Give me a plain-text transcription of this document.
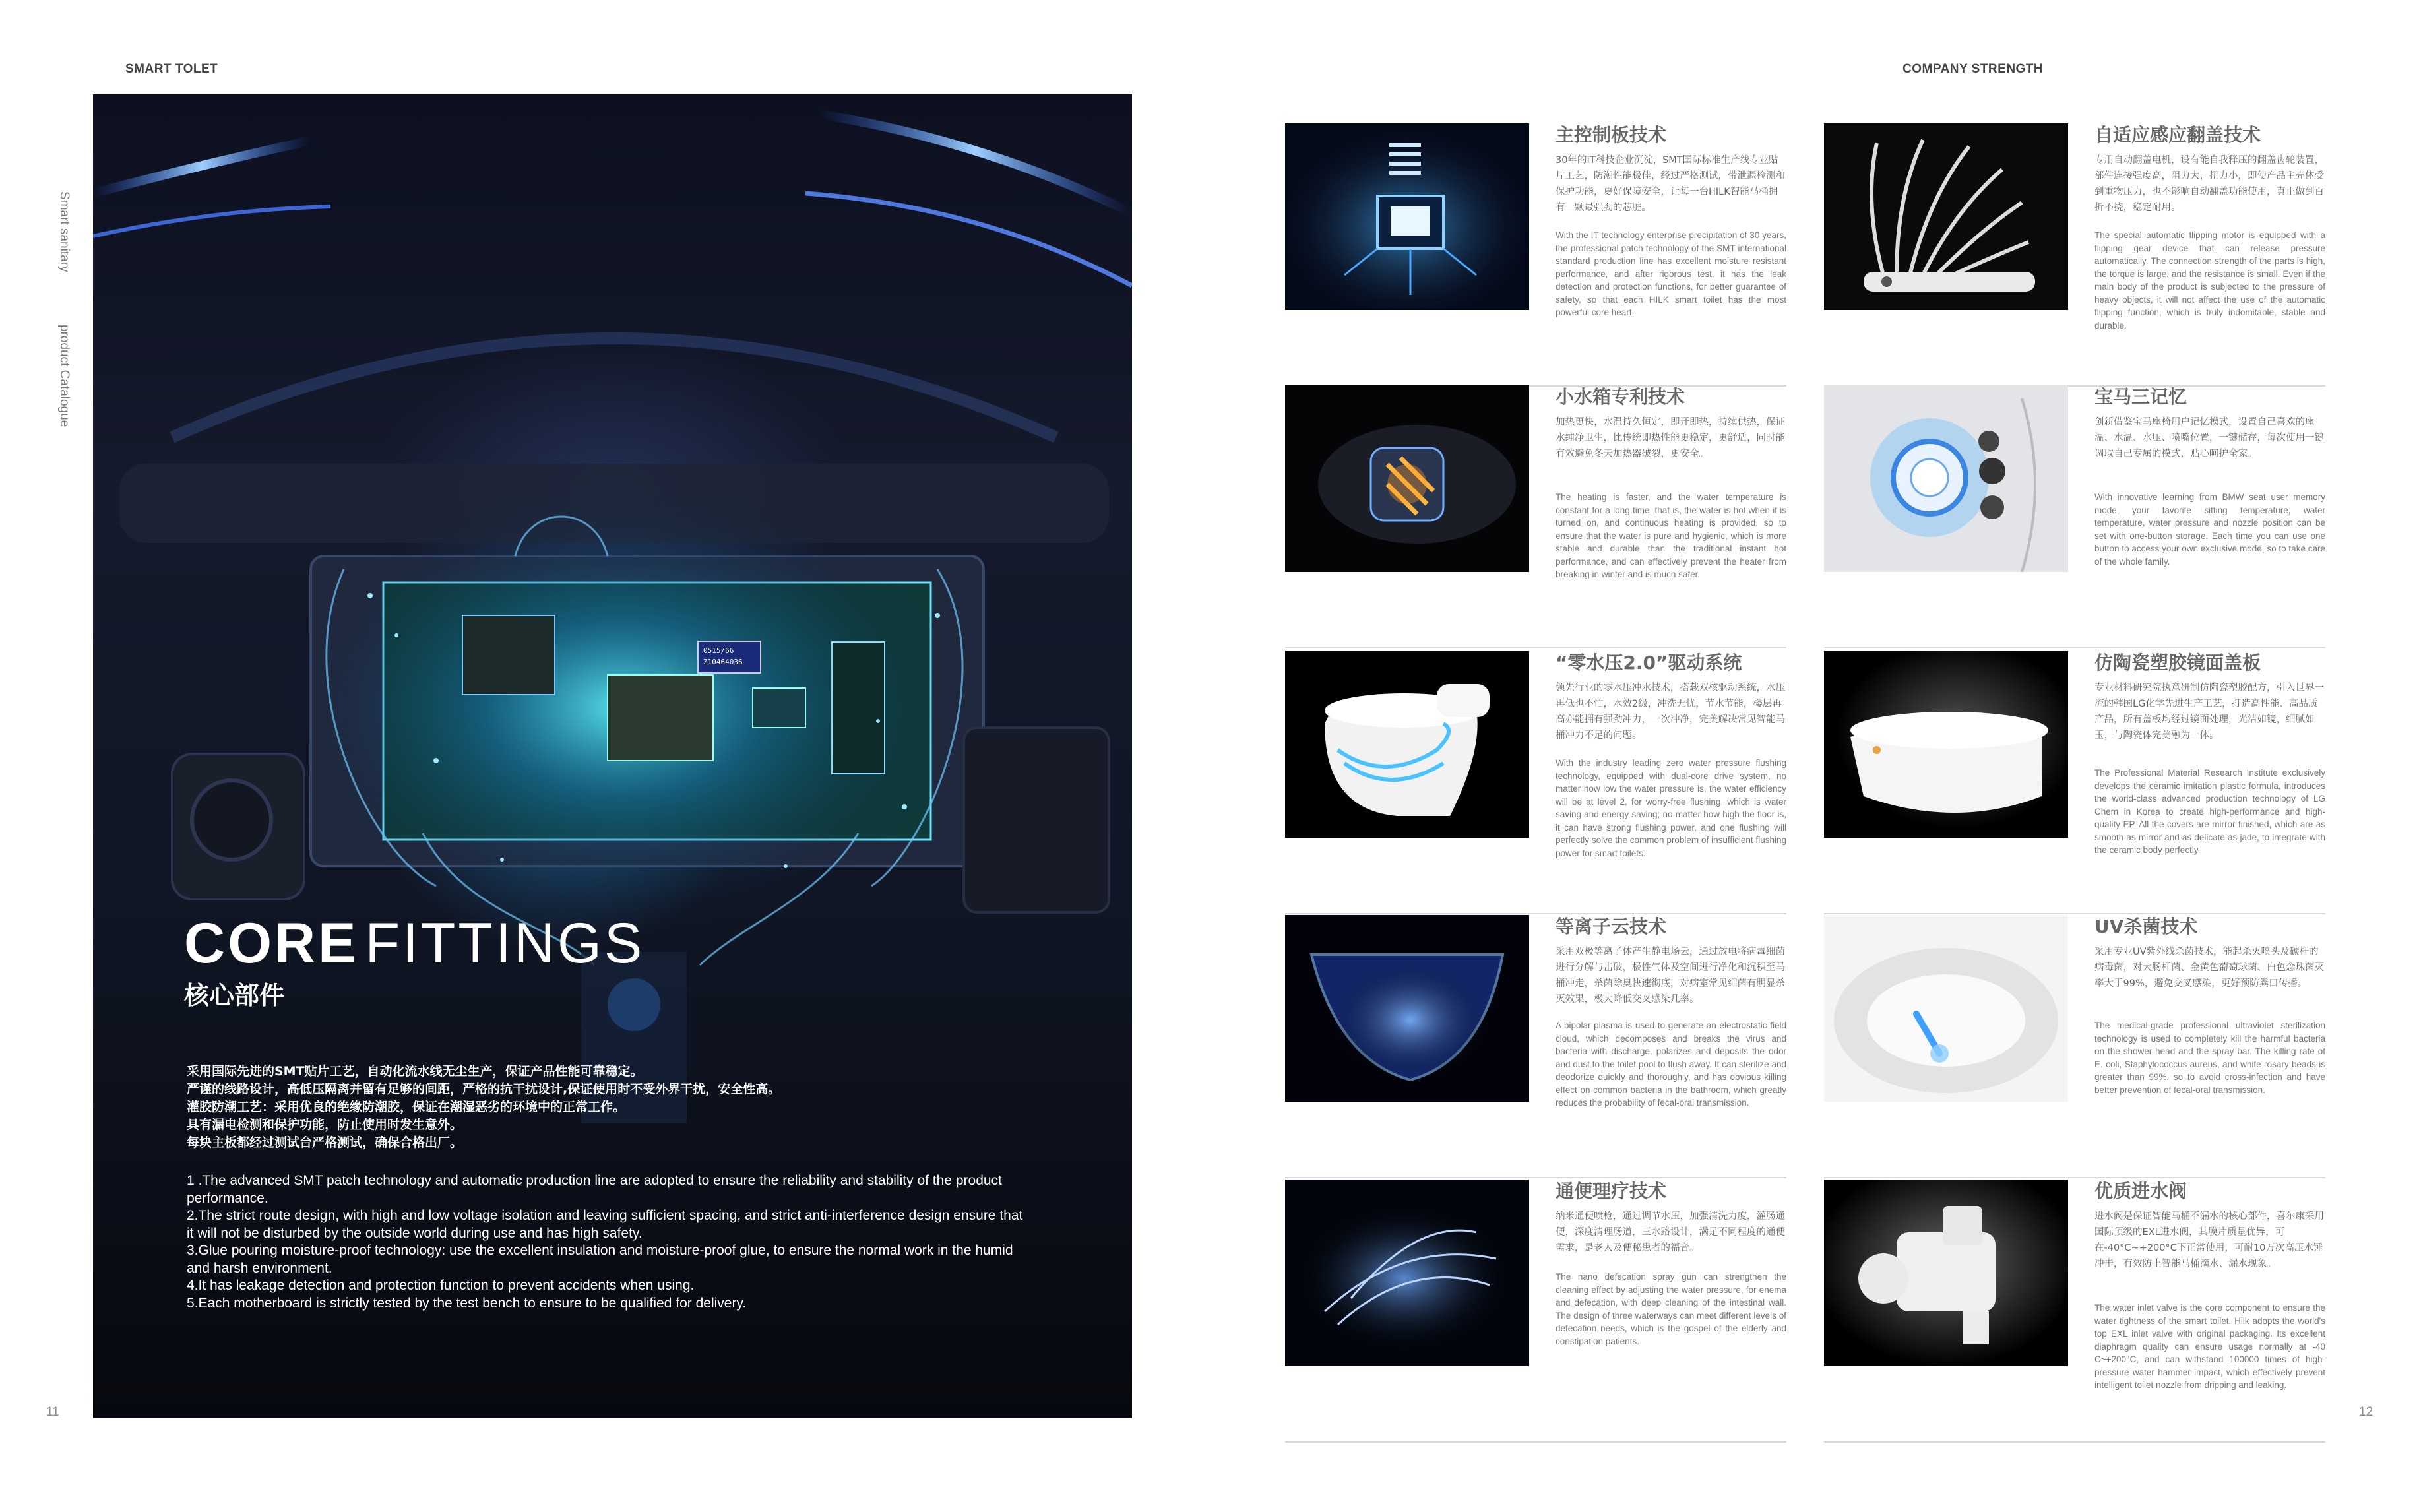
SMART TOLET	COMPANY STRENGTH
Smart sanitary
product Catalogue
11	12
0515/66
Z10464036
CORE FITTINGS
核心部件
采用国际先进的SMT贴片工艺，自动化流水线无尘生产，保证产品性能可靠稳定。
严谨的线路设计，高低压隔离并留有足够的间距，严格的抗干扰设计,保证使用时不受外界干扰，安全性高。
灌胶防潮工艺：采用优良的绝缘防潮胶，保证在潮湿恶劣的环境中的正常工作。
具有漏电检测和保护功能，防止使用时发生意外。
每块主板都经过测试台严格测试，确保合格出厂。
1 .The advanced SMT patch technology and automatic production line are adopted to ensure the reliability and stability of the product performance.
2.The strict route design, with high and low voltage isolation and leaving sufficient spacing, and strict anti-interference design ensure that it will not be disturbed by the outside world during use and has high safety.
3.Glue pouring moisture-proof technology: use the excellent insulation and moisture-proof glue, to ensure the normal work in the humid and harsh environment.
4.It has leakage detection and protection function to prevent accidents when using.
5.Each motherboard is strictly tested by the test bench to ensure to be qualified for delivery.
主控制板技术
30年的IT科技企业沉淀，SMT国际标准生产线专业贴片工艺，防潮性能极佳，经过严格测试，带泄漏检测和保护功能，更好保障安全，让每一台HILK智能马桶拥有一颗最强劲的芯脏。
With the IT technology enterprise precipitation of 30 years, the professional patch technology of the SMT international standard production line has excellent moisture resistant performance, and after rigorous test, it has the leak detection and protection functions, for better guarantee of safety, so that each HILK smart toilet has the most powerful core heart.
自适应感应翻盖技术
专用自动翻盖电机，设有能自我释压的翻盖齿轮装置，部件连接强度高，阻力大，扭力小，即使产品主壳体受到重物压力，也不影响自动翻盖功能使用，真正做到百折不挠，稳定耐用。
The special automatic flipping motor is equipped with a flipping gear device that can release pressure automatically. The connection strength of the parts is high, the torque is large, and the resistance is small. Even if the main body of the product is subjected to the pressure of heavy objects, it will not affect the use of the automatic flipping function, which is truly indomitable, stable and durable.
小水箱专利技术
加热更快，水温持久恒定，即开即热，持续供热，保证水纯净卫生，比传统即热性能更稳定，更舒适，同时能有效避免冬天加热器破裂，更安全。
The heating is faster, and the water temperature is constant for a long time, that is, the water is hot when it is turned on, and continuous heating is provided, so to ensure that the water is pure and hygienic, which is more stable and durable than the traditional instant hot performance, and can effectively prevent the heater from breaking in winter and is much safer.
宝马三记忆
创新借鉴宝马座椅用户记忆模式，设置自己喜欢的座温、水温、水压、喷嘴位置，一键储存，每次使用一键调取自己专属的模式，贴心呵护全家。
With innovative learning from BMW seat user memory mode, your favorite sitting temperature, water temperature, water pressure and nozzle position can be set with one-button storage. Each time you can use one button to access your own exclusive mode, so to take care of the whole family.
“零水压2.0”驱动系统
领先行业的零水压冲水技术，搭载双核驱动系统，水压再低也不怕，水效2级，冲洗无忧，节水节能，楼层再高亦能拥有强劲冲力，一次冲净，完美解决常见智能马桶冲力不足的问题。
With the industry leading zero water pressure flushing technology, equipped with dual-core drive system, no matter how low the water pressure is, the water efficiency will be at level 2, for worry-free flushing, which is water saving and energy saving; no matter how high the floor is, it can have strong flushing power, and one flushing will perfectly solve the common problem of insufficient flushing power for smart toilets.
仿陶瓷塑胶镜面盖板
专业材料研究院执意研制仿陶瓷塑胶配方，引入世界一流的韩国LG化学先进生产工艺，打造高性能、高品质产品，所有盖板均经过镜面处理，光洁如镜，细腻如玉，与陶瓷体完美融为一体。
The Professional Material Research Institute exclusively develops the ceramic imitation plastic formula, introduces the world-class advanced production technology of LG Chem in Korea to create high-performance and high-quality EP. All the covers are mirror-finished, which are as smooth as mirror and as delicate as jade, to integrate with the ceramic body perfectly.
等离子云技术
采用双极等离子体产生静电场云，通过放电将病毒细菌进行分解与击破，极性气体及空间进行净化和沉积至马桶冲走，杀菌除臭快速彻底，对病室常见细菌有明显杀灭效果，极大降低交叉感染几率。
A bipolar plasma is used to generate an electrostatic field cloud, which decomposes and breaks the virus and bacteria with discharge, polarizes and deposits the odor and dust to the toilet pool to flush away. It can sterilize and deodorize quickly and thoroughly, and has obvious killing effect on common bacteria in the bathroom, which greatly reduces the probability of fecal-oral transmission.
UV杀菌技术
采用专业UV紫外线杀菌技术，能起杀灭喷头及碳杆的病毒菌，对大肠杆菌、金黄色葡萄球菌、白色念珠菌灭率大于99%，避免交叉感染，更好预防粪口传播。
The medical-grade professional ultraviolet sterilization technology is used to completely kill the harmful bacteria on the shower head and the spray bar. The killing rate of E. coli, Staphylococcus aureus, and white rosary beads is greater than 99%, so to avoid cross-infection and have better prevention of fecal-oral transmission.
通便理疗技术
纳米通便喷枪，通过调节水压，加强清洗力度，灌肠通便，深度清理肠道，三水路设计，满足不同程度的通便需求，是老人及便秘患者的福音。
The nano defecation spray gun can strengthen the cleaning effect by adjusting the water pressure, for enema and defecation, with deep cleaning of the intestinal wall. The design of three waterways can meet different levels of defecation needs, which is the gospel of the elderly and constipation patients.
优质进水阀
进水阀是保证智能马桶不漏水的核心部件，喜尔康采用国际顶级的EXL进水阀，其膜片质量优异，可在-40°C~+200°C下正常使用，可耐10万次高压水锤冲击，有效防止智能马桶滴水、漏水现象。
The water inlet valve is the core component to ensure the water tightness of the smart toilet. Hilk adopts the world's top EXL inlet valve with original packaging. Its excellent diaphragm quality can ensure usage normally at -40 C~+200°C, and can withstand 100000 times of high-pressure water hammer impact, which effectively prevent intelligent toilet nozzle from dripping and leaking.
